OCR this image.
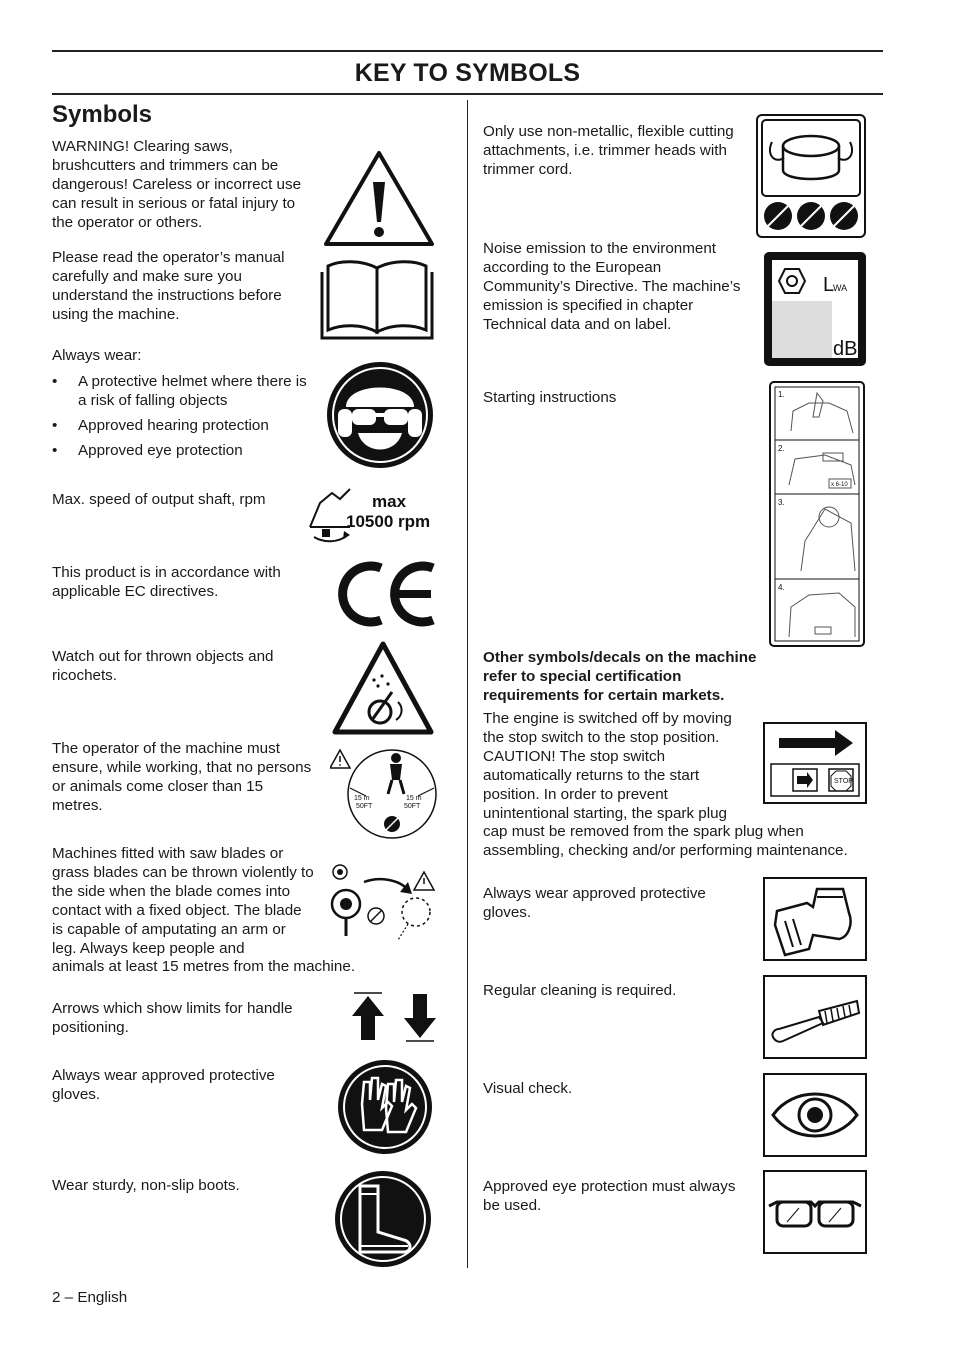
KEY TO SYMBOLS
Symbols

WARNING! Clearing saws, brushcutters and trimmers can be dangerous! Careless or incorrect use can result in serious or fatal injury to the operator or others.

Please read the operator’s manual carefully and make sure you understand the instructions before using the machine.

Always wear:

• A protective helmet where there is a risk of falling objects
• Approved hearing protection
• Approved eye protection

Max. speed of output shaft, rpm

This product is in accordance with applicable EC directives.

Watch out for thrown objects and ricochets.

The operator of the machine must ensure, while working, that no persons or animals come closer than 15 metres.

Machines fitted with saw blades or grass blades can be thrown violently to the side when the blade comes into contact with a fixed object. The blade is capable of amputating an arm or leg. Always keep people and

animals at least 15 metres from the machine.

Arrows which show limits for handle positioning.

Always wear approved protective gloves.

Wear sturdy, non-slip boots.

Only use non-metallic, flexible cutting attachments, i.e. trimmer heads with trimmer cord.

Noise emission to the environment according to the European Community’s Directive. The machine’s emission is specified in chapter Technical data and on label.

Starting instructions

Other symbols/decals on the machine refer to special certification requirements for certain markets.

The engine is switched off by moving the stop switch to the stop position. CAUTION! The stop switch automatically returns to the start position. In order to prevent unintentional starting, the spark plug

cap must be removed from the spark plug when assembling, checking and/or performing maintenance.

Always wear approved protective gloves.

Regular cleaning is required.

Visual check.

Approved eye protection must always be used.

max
10500 rpm
15 m
50FT
15 m
50FT
L
WA
dB
1.
2.
3.
4.
x 6-10
STOP
2 – English
